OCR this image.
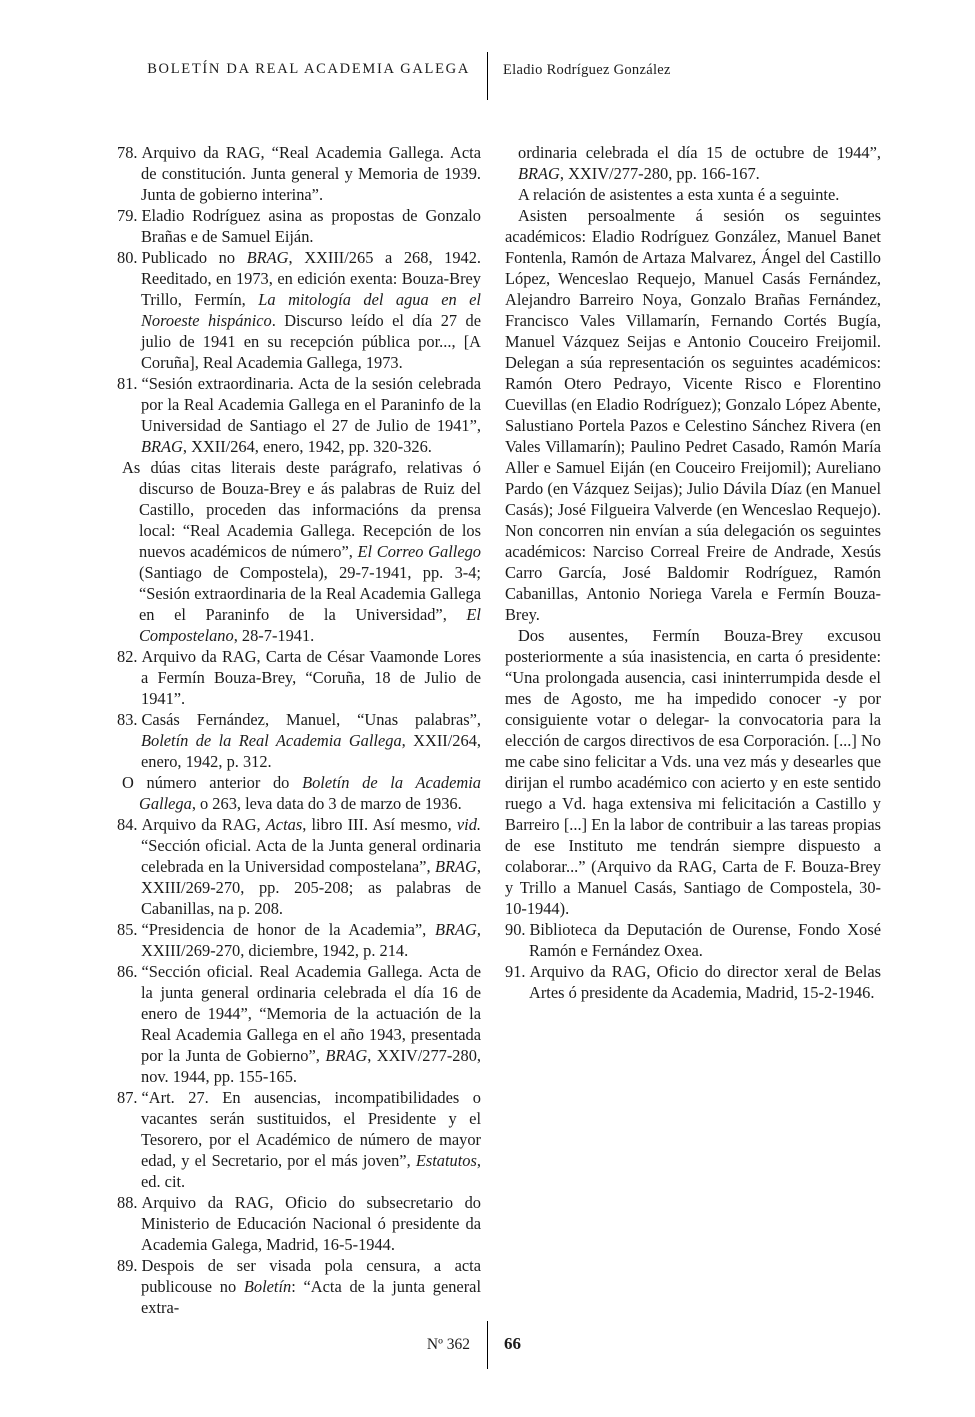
BOLETÍN DA REAL ACADEMIA GALEGA Eladio Rodríguez González

78. Arquivo da RAG, “Real Academia Gallega. Acta de constitución. Junta general y Memoria de 1939. Junta de gobierno interina”.

79. Eladio Rodríguez asina as propostas de Gonzalo Brañas e de Samuel Eiján.

80. Publicado no BRAG, XXIII/265 a 268, 1942. Reeditado, en 1973, en edición exenta: Bouza-Brey Trillo, Fermín, La mitología del agua en el Noroeste hispánico. Discurso leído el día 27 de julio de 1941 en su recepción pública por..., [A Coruña], Real Academia Gallega, 1973.

81. “Sesión extraordinaria. Acta de la sesión celebrada por la Real Academia Gallega en el Paraninfo de la Universidad de Santiago el 27 de Julio de 1941”, BRAG, XXII/264, enero, 1942, pp. 320-326.

As dúas citas literais deste parágrafo, relativas ó discurso de Bouza-Brey e ás palabras de Ruiz del Castillo, proceden das informacións da prensa local: “Real Academia Gallega. Recepción de los nuevos académicos de número”, El Correo Gallego (Santiago de Compostela), 29-7-1941, pp. 3-4; “Sesión extraordinaria de la Real Academia Gallega en el Paraninfo de la Universidad”, El Compostelano, 28-7-1941.

82. Arquivo da RAG, Carta de César Vaamonde Lores a Fermín Bouza-Brey, “Coruña, 18 de Julio de 1941”.

83. Casás Fernández, Manuel, “Unas palabras”, Boletín de la Real Academia Gallega, XXII/264, enero, 1942, p. 312.

O número anterior do Boletín de la Academia Gallega, o 263, leva data do 3 de marzo de 1936.

84. Arquivo da RAG, Actas, libro III. Así mesmo, vid. “Sección oficial. Acta de la Junta general ordinaria celebrada en la Universidad compostelana”, BRAG, XXIII/269-270, pp. 205-208; as palabras de Cabanillas, na p. 208.

85. “Presidencia de honor de la Academia”, BRAG, XXIII/269-270, diciembre, 1942, p. 214.

86. “Sección oficial. Real Academia Gallega. Acta de la junta general ordinaria celebrada el día 16 de enero de 1944”, “Memoria de la actuación de la Real Academia Gallega en el año 1943, presentada por la Junta de Gobierno”, BRAG, XXIV/277-280, nov. 1944, pp. 155-165.

87. “Art. 27. En ausencias, incompatibilidades o vacantes serán sustituidos, el Presidente y el Tesorero, por el Académico de número de mayor edad, y el Secretario, por el más joven”, Estatutos, ed. cit.

88. Arquivo da RAG, Oficio do subsecretario do Ministerio de Educación Nacional ó presidente da Academia Galega, Madrid, 16-5-1944.

89. Despois de ser visada pola censura, a acta publicouse no Boletín: “Acta de la junta general extra-

ordinaria celebrada el día 15 de octubre de 1944”, BRAG, XXIV/277-280, pp. 166-167.

A relación de asistentes a esta xunta é a seguinte.

Asisten persoalmente á sesión os seguintes académicos: Eladio Rodríguez González, Manuel Banet Fontenla, Ramón de Artaza Malvarez, Ángel del Castillo López, Wenceslao Requejo, Manuel Casás Fernández, Alejandro Barreiro Noya, Gonzalo Brañas Fernández, Francisco Vales Villamarín, Fernando Cortés Bugía, Manuel Vázquez Seijas e Antonio Couceiro Freijomil. Delegan a súa representación os seguintes académicos: Ramón Otero Pedrayo, Vicente Risco e Florentino Cuevillas (en Eladio Rodríguez); Gonzalo López Abente, Salustiano Portela Pazos e Celestino Sánchez Rivera (en Vales Villamarín); Paulino Pedret Casado, Ramón María Aller e Samuel Eiján (en Couceiro Freijomil); Aureliano Pardo (en Vázquez Seijas); Julio Dávila Díaz (en Manuel Casás); José Filgueira Valverde (en Wenceslao Requejo). Non concorren nin envían a súa delegación os seguintes académicos: Narciso Correal Freire de Andrade, Xesús Carro García, José Baldomir Rodríguez, Ramón Cabanillas, Antonio Noriega Varela e Fermín Bouza-Brey.

Dos ausentes, Fermín Bouza-Brey excusou posteriormente a súa inasistencia, en carta ó presidente: “Una prolongada ausencia, casi ininterrumpida desde el mes de Agosto, me ha impedido conocer -y por consiguiente votar o delegar- la convocatoria para la elección de cargos directivos de esa Corporación. [...] No me cabe sino felicitar a Vds. una vez más y desearles que dirijan el rumbo académico con acierto y en este sentido ruego a Vd. haga extensiva mi felicitación a Castillo y Barreiro [...] En la labor de contribuir a las tareas propias de ese Instituto me tendrán siempre dispuesto a colaborar...” (Arquivo da RAG, Carta de F. Bouza-Brey y Trillo a Manuel Casás, Santiago de Compostela, 30-10-1944).

90. Biblioteca da Deputación de Ourense, Fondo Xosé Ramón e Fernández Oxea.

91. Arquivo da RAG, Oficio do director xeral de Belas Artes ó presidente da Academia, Madrid, 15-2-1946.

Nº 362 66
